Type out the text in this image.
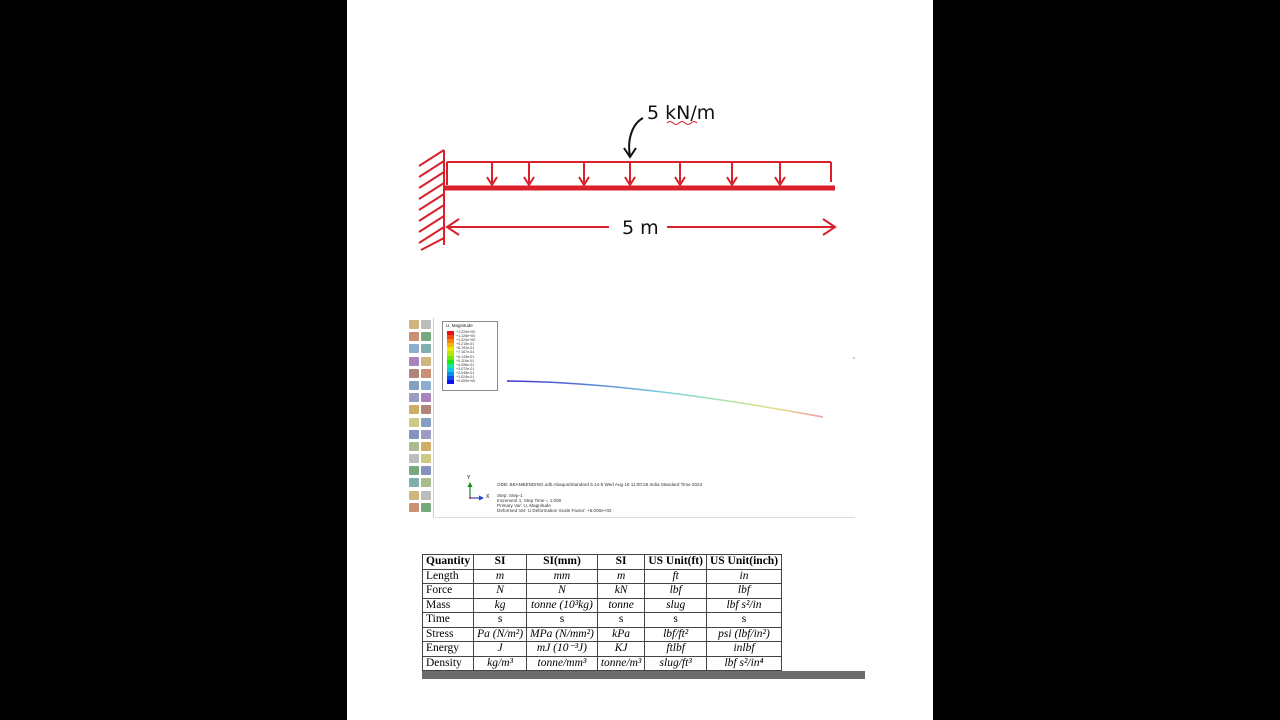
5 kN/m
5 m
U, Magnitude
+1.229e+00
+1.126e+00
+1.024e+00
+9.215e-01
+8.191e-01
+7.167e-01
+6.143e-01
+5.119e-01
+4.096e-01
+3.072e-01
+2.048e-01
+1.024e-01
+0.000e+00
Y
X
ODB: BEAMBENDING.odb Abaqus/Standard 6.14-5 Wed Aug 16 11:00:26 India Standard Time 2023
Step: Step-1
Increment 1: Step Time = 1.000
Primary Var: U, Magnitude
Deformed Var: U Deformation Scale Factor: +5.000e+02
Quantity	SI	SI(mm)	SI	US Unit(ft)	US Unit(inch)
Length	m	mm	m	ft	in
Force	N	N	kN	lbf	lbf
Mass	kg	tonne (10³kg)	tonne	slug	lbf s²/in
Time	s	s	s	s	s
Stress	Pa (N/m²)	MPa (N/mm²)	kPa	lbf/ft²	psi (lbf/in²)
Energy	J	mJ (10⁻³J)	KJ	ftlbf	inlbf
Density	kg/m³	tonne/mm³	tonne/m³	slug/ft³	lbf s²/in⁴
